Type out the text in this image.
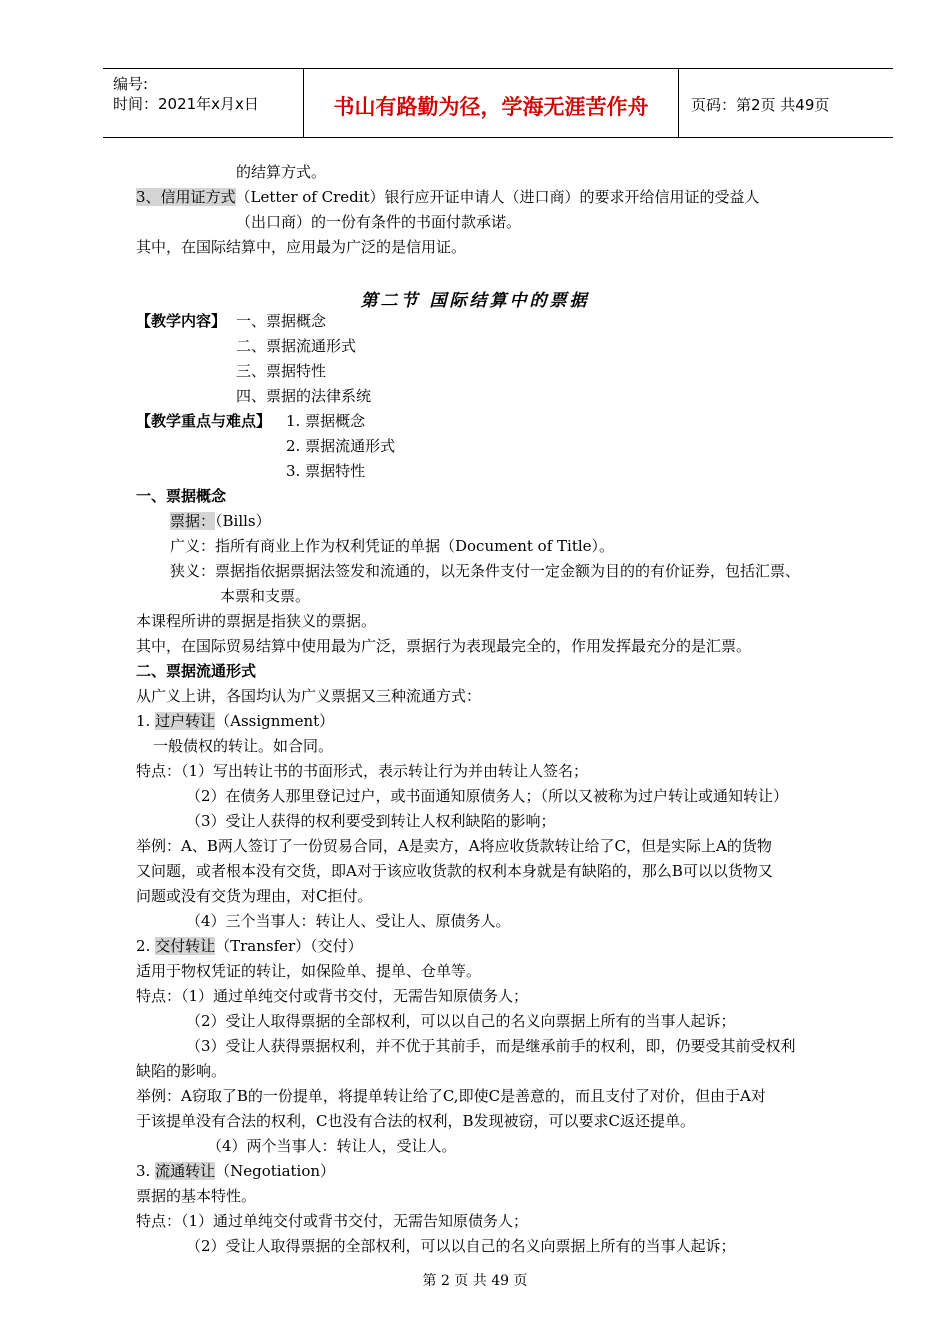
编号:
时间：2021年x月x日	书山有路勤为径，学海无涯苦作舟	页码：第2页 共49页
的结算方式。
3、信用证方式（Letter of Credit）银行应开证申请人（进口商）的要求开给信用证的受益人
（出口商）的一份有条件的书面付款承诺。
其中，在国际结算中，应用最为广泛的是信用证。
第二节 国际结算中的票据
【教学内容】 一、票据概念
二、票据流通形式
三、票据特性
四、票据的法律系统
【教学重点与难点】 1. 票据概念
2. 票据流通形式
3. 票据特性
一、票据概念
票据：（Bills）
广义：指所有商业上作为权利凭证的单据（Document of Title）。
狭义：票据指依据票据法签发和流通的，以无条件支付一定金额为目的的有价证券，包括汇票、
本票和支票。
本课程所讲的票据是指狭义的票据。
其中，在国际贸易结算中使用最为广泛，票据行为表现最完全的，作用发挥最充分的是汇票。
二、票据流通形式
从广义上讲，各国均认为广义票据又三种流通方式：
1. 过户转让（Assignment）
一般债权的转让。如合同。
特点：（1）写出转让书的书面形式，表示转让行为并由转让人签名；
（2）在债务人那里登记过户，或书面通知原债务人；（所以又被称为过户转让或通知转让）
（3）受让人获得的权利要受到转让人权利缺陷的影响；
举例：A、B两人签订了一份贸易合同，A是卖方，A将应收货款转让给了C，但是实际上A的货物
又问题，或者根本没有交货，即A对于该应收货款的权利本身就是有缺陷的，那么B可以以货物又
问题或没有交货为理由，对C拒付。
（4）三个当事人：转让人、受让人、原债务人。
2. 交付转让（Transfer）（交付）
适用于物权凭证的转让，如保险单、提单、仓单等。
特点：（1）通过单纯交付或背书交付，无需告知原债务人；
（2）受让人取得票据的全部权利，可以以自己的名义向票据上所有的当事人起诉；
（3）受让人获得票据权利，并不优于其前手，而是继承前手的权利，即，仍要受其前受权利
缺陷的影响。
举例：A窃取了B的一份提单，将提单转让给了C,即使C是善意的，而且支付了对价，但由于A对
于该提单没有合法的权利，C也没有合法的权利，B发现被窃，可以要求C返还提单。
（4）两个当事人：转让人，受让人。
3. 流通转让（Negotiation）
票据的基本特性。
特点：（1）通过单纯交付或背书交付，无需告知原债务人；
（2）受让人取得票据的全部权利，可以以自己的名义向票据上所有的当事人起诉；
第 2 页 共 49 页
